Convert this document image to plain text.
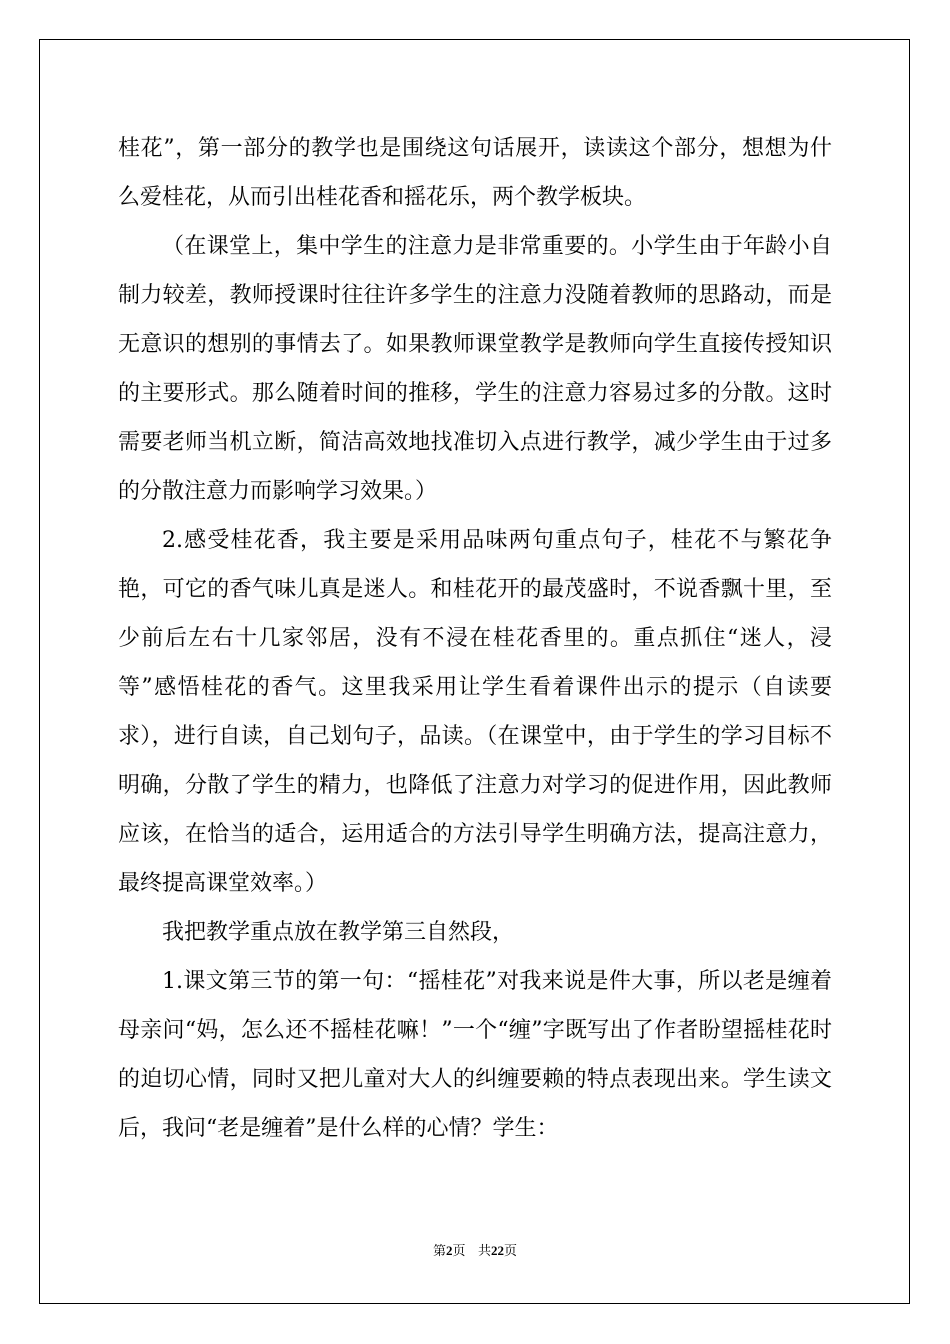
桂花”，第一部分的教学也是围绕这句话展开，读读这个部分，想想为什么爱桂花，从而引出桂花香和摇花乐，两个教学板块。

（在课堂上，集中学生的注意力是非常重要的。小学生由于年龄小自制力较差，教师授课时往往许多学生的注意力没随着教师的思路动，而是无意识的想别的事情去了。如果教师课堂教学是教师向学生直接传授知识的主要形式。那么随着时间的推移，学生的注意力容易过多的分散。这时需要老师当机立断，简洁高效地找准切入点进行教学，减少学生由于过多的分散注意力而影响学习效果。）

2.感受桂花香，我主要是采用品味两句重点句子，桂花不与繁花争艳，可它的香气味儿真是迷人。和桂花开的最茂盛时，不说香飘十里，至少前后左右十几家邻居，没有不浸在桂花香里的。重点抓住“迷人，浸等”感悟桂花的香气。这里我采用让学生看着课件出示的提示（自读要求），进行自读，自己划句子，品读。（在课堂中，由于学生的学习目标不明确，分散了学生的精力，也降低了注意力对学习的促进作用，因此教师应该，在恰当的适合，运用适合的方法引导学生明确方法，提高注意力，最终提高课堂效率。）

我把教学重点放在教学第三自然段，

1.课文第三节的第一句：“摇桂花”对我来说是件大事，所以老是缠着母亲问“妈，怎么还不摇桂花嘛！”一个“缠”字既写出了作者盼望摇桂花时的迫切心情，同时又把儿童对大人的纠缠要赖的特点表现出来。学生读文后，我问“老是缠着”是什么样的心情？学生：

第2页   共22页
